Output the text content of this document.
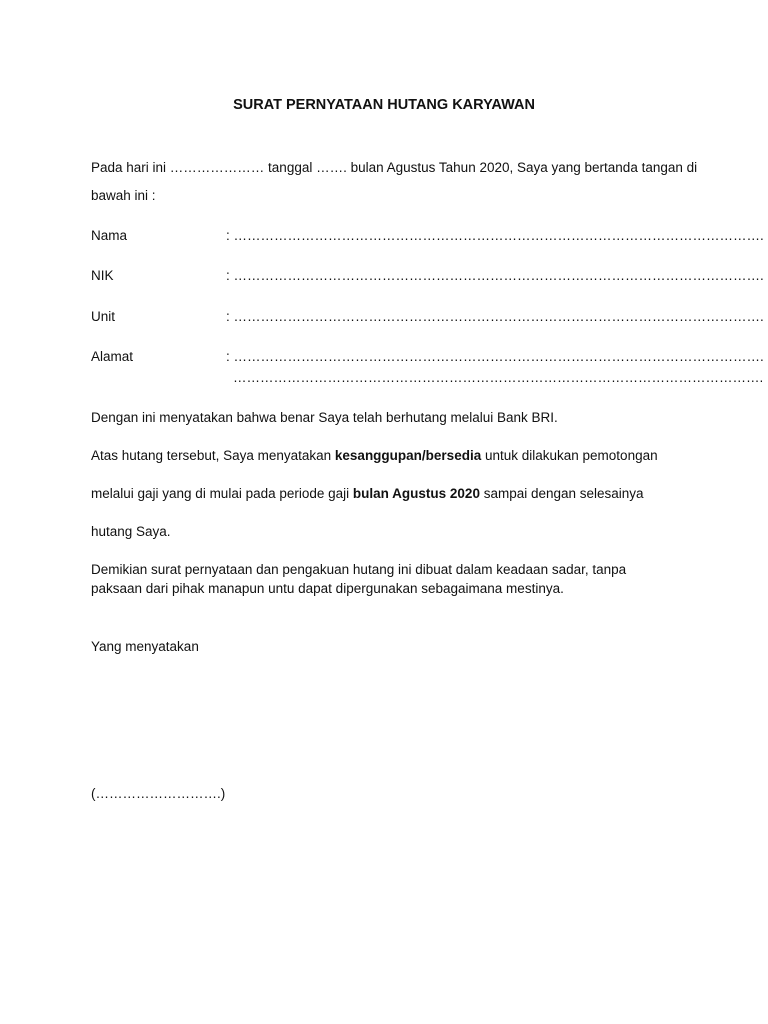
SURAT PERNYATAAN HUTANG KARYAWAN
Pada hari ini ………………… tanggal ……. bulan Agustus Tahun 2020, Saya yang bertanda tangan di
bawah ini :
Nama	: ……………………………………………………………………………………………………….
NIK	: ……………………………………………………………………………………………………….
Unit	: ……………………………………………………………………………………………………….
Alamat	: ……………………………………………………………………………………………………….
……………………………………………………………………………………………………….
Dengan ini menyatakan bahwa benar Saya telah berhutang melalui Bank BRI.
Atas hutang tersebut, Saya menyatakan kesanggupan/bersedia untuk dilakukan pemotongan
melalui gaji yang di mulai pada periode gaji bulan Agustus 2020 sampai dengan selesainya
hutang Saya.
Demikian surat pernyataan dan pengakuan hutang ini dibuat dalam keadaan sadar, tanpa
paksaan dari pihak manapun untu dapat dipergunakan sebagaimana mestinya.
Yang menyatakan
(……………………….)
